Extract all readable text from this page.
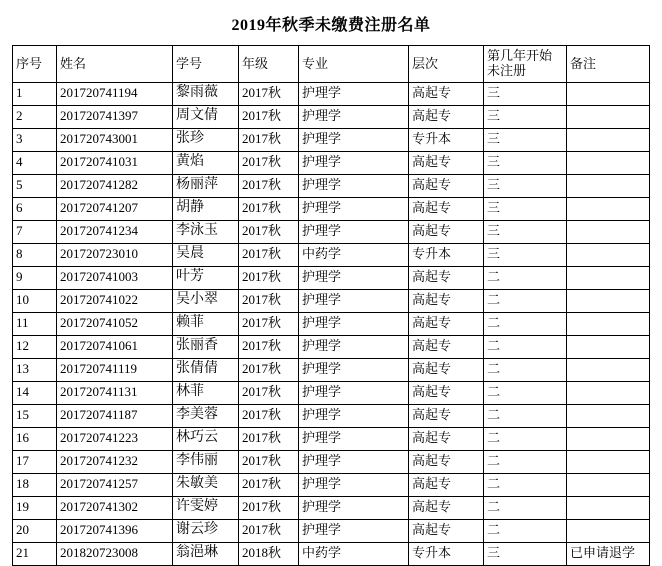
2019年秋季未缴费注册名单
序号	姓名	学号	年级	专业	层次	第几年开始未注册	备注
1	201720741194	黎雨薇	2017秋	护理学	高起专	三	
2	201720741397	周文倩	2017秋	护理学	高起专	三	
3	201720743001	张珍	2017秋	护理学	专升本	三	
4	201720741031	黄焰	2017秋	护理学	高起专	三	
5	201720741282	杨丽萍	2017秋	护理学	高起专	三	
6	201720741207	胡静	2017秋	护理学	高起专	三	
7	201720741234	李泳玉	2017秋	护理学	高起专	三	
8	201720723010	吴晨	2017秋	中药学	专升本	三	
9	201720741003	叶芳	2017秋	护理学	高起专	二	
10	201720741022	吴小翠	2017秋	护理学	高起专	二	
11	201720741052	赖菲	2017秋	护理学	高起专	二	
12	201720741061	张丽香	2017秋	护理学	高起专	二	
13	201720741119	张倩倩	2017秋	护理学	高起专	二	
14	201720741131	林菲	2017秋	护理学	高起专	二	
15	201720741187	李美蓉	2017秋	护理学	高起专	二	
16	201720741223	林巧云	2017秋	护理学	高起专	二	
17	201720741232	李伟丽	2017秋	护理学	高起专	二	
18	201720741257	朱敏美	2017秋	护理学	高起专	二	
19	201720741302	许雯婷	2017秋	护理学	高起专	二	
20	201720741396	谢云珍	2017秋	护理学	高起专	二	
21	201820723008	翁浥琳	2018秋	中药学	专升本	三	已申请退学
